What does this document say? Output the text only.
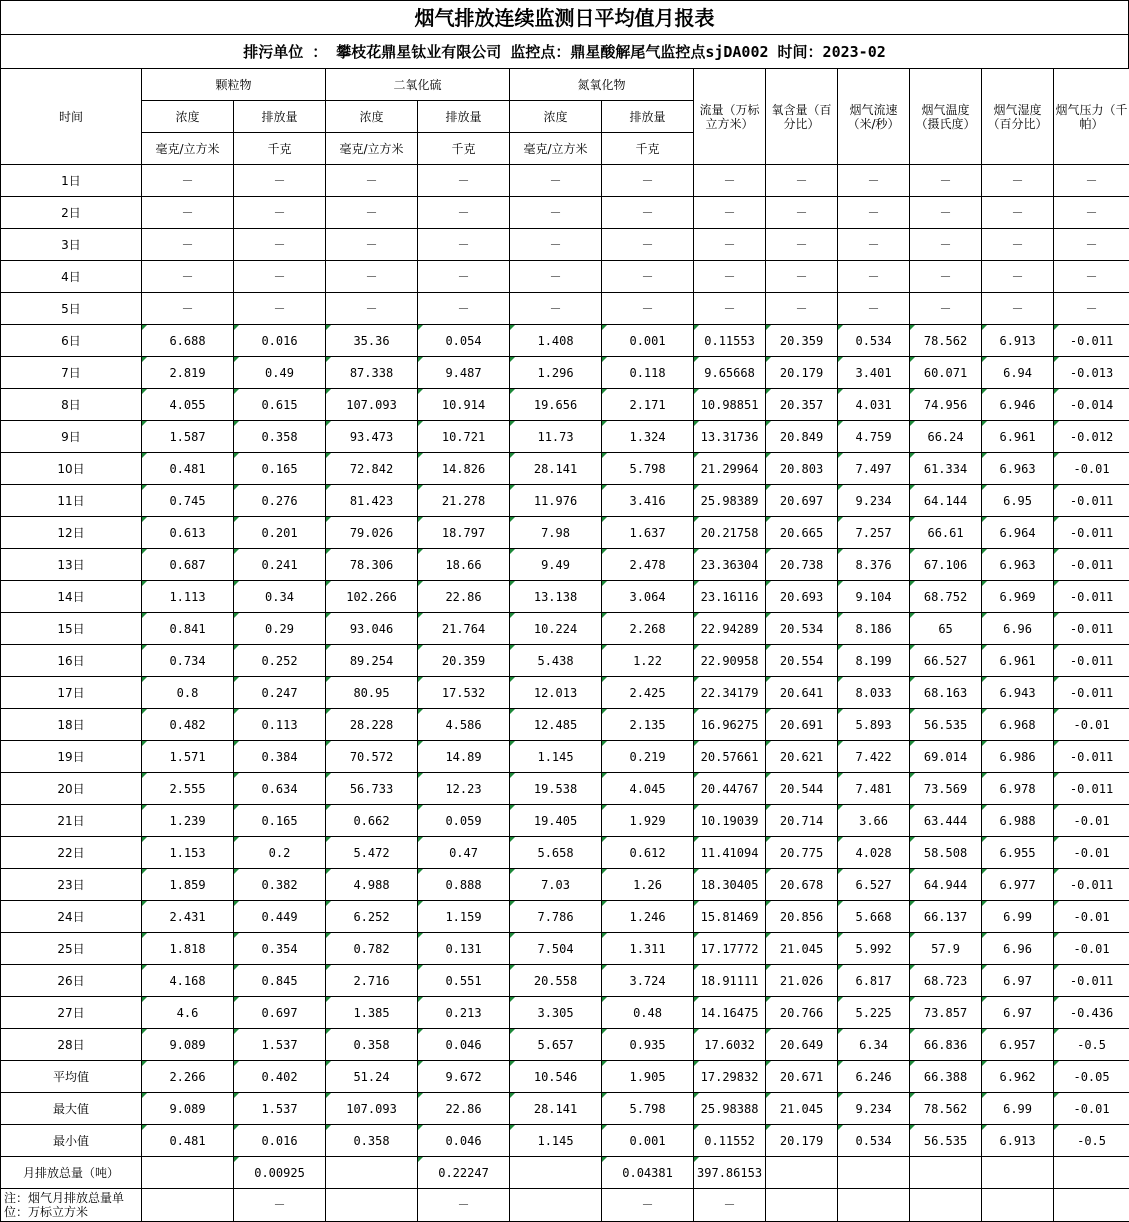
烟气排放连续监测日平均值月报表
排污单位 ： 攀枝花鼎星钛业有限公司 监控点：鼎星酸解尾气监控点sjDA002 时间：2023-02
时间	颗粒物		二氧化硫		氮氧化物		流量（万标立方米）	氧含量（百分比）	烟气流速（米/秒）	烟气温度（摄氏度）	烟气湿度（百分比）	烟气压力（千帕）
	浓度	排放量	浓度	排放量	浓度	排放量						
	毫克/立方米	千克	毫克/立方米	千克	毫克/立方米	千克						
1日	－	－	－	－	－	－	－	－	－	－	－	－
2日	－	－	－	－	－	－	－	－	－	－	－	－
3日	－	－	－	－	－	－	－	－	－	－	－	－
4日	－	－	－	－	－	－	－	－	－	－	－	－
5日	－	－	－	－	－	－	－	－	－	－	－	－
6日	6.688	0.016	35.36	0.054	1.408	0.001	0.11553	20.359	0.534	78.562	6.913	-0.011
7日	2.819	0.49	87.338	9.487	1.296	0.118	9.65668	20.179	3.401	60.071	6.94	-0.013
8日	4.055	0.615	107.093	10.914	19.656	2.171	10.98851	20.357	4.031	74.956	6.946	-0.014
9日	1.587	0.358	93.473	10.721	11.73	1.324	13.31736	20.849	4.759	66.24	6.961	-0.012
10日	0.481	0.165	72.842	14.826	28.141	5.798	21.29964	20.803	7.497	61.334	6.963	-0.01
11日	0.745	0.276	81.423	21.278	11.976	3.416	25.98389	20.697	9.234	64.144	6.95	-0.011
12日	0.613	0.201	79.026	18.797	7.98	1.637	20.21758	20.665	7.257	66.61	6.964	-0.011
13日	0.687	0.241	78.306	18.66	9.49	2.478	23.36304	20.738	8.376	67.106	6.963	-0.011
14日	1.113	0.34	102.266	22.86	13.138	3.064	23.16116	20.693	9.104	68.752	6.969	-0.011
15日	0.841	0.29	93.046	21.764	10.224	2.268	22.94289	20.534	8.186	65	6.96	-0.011
16日	0.734	0.252	89.254	20.359	5.438	1.22	22.90958	20.554	8.199	66.527	6.961	-0.011
17日	0.8	0.247	80.95	17.532	12.013	2.425	22.34179	20.641	8.033	68.163	6.943	-0.011
18日	0.482	0.113	28.228	4.586	12.485	2.135	16.96275	20.691	5.893	56.535	6.968	-0.01
19日	1.571	0.384	70.572	14.89	1.145	0.219	20.57661	20.621	7.422	69.014	6.986	-0.011
20日	2.555	0.634	56.733	12.23	19.538	4.045	20.44767	20.544	7.481	73.569	6.978	-0.011
21日	1.239	0.165	0.662	0.059	19.405	1.929	10.19039	20.714	3.66	63.444	6.988	-0.01
22日	1.153	0.2	5.472	0.47	5.658	0.612	11.41094	20.775	4.028	58.508	6.955	-0.01
23日	1.859	0.382	4.988	0.888	7.03	1.26	18.30405	20.678	6.527	64.944	6.977	-0.011
24日	2.431	0.449	6.252	1.159	7.786	1.246	15.81469	20.856	5.668	66.137	6.99	-0.01
25日	1.818	0.354	0.782	0.131	7.504	1.311	17.17772	21.045	5.992	57.9	6.96	-0.01
26日	4.168	0.845	2.716	0.551	20.558	3.724	18.91111	21.026	6.817	68.723	6.97	-0.011
27日	4.6	0.697	1.385	0.213	3.305	0.48	14.16475	20.766	5.225	73.857	6.97	-0.436
28日	9.089	1.537	0.358	0.046	5.657	0.935	17.6032	20.649	6.34	66.836	6.957	-0.5
平均值	2.266	0.402	51.24	9.672	10.546	1.905	17.29832	20.671	6.246	66.388	6.962	-0.05
最大值	9.089	1.537	107.093	22.86	28.141	5.798	25.98388	21.045	9.234	78.562	6.99	-0.01
最小值	0.481	0.016	0.358	0.046	1.145	0.001	0.11552	20.179	0.534	56.535	6.913	-0.5
月排放总量（吨）		0.00925		0.22247		0.04381	397.86153					
注：烟气月排放总量单位：万标立方米		－		－		－	－					
